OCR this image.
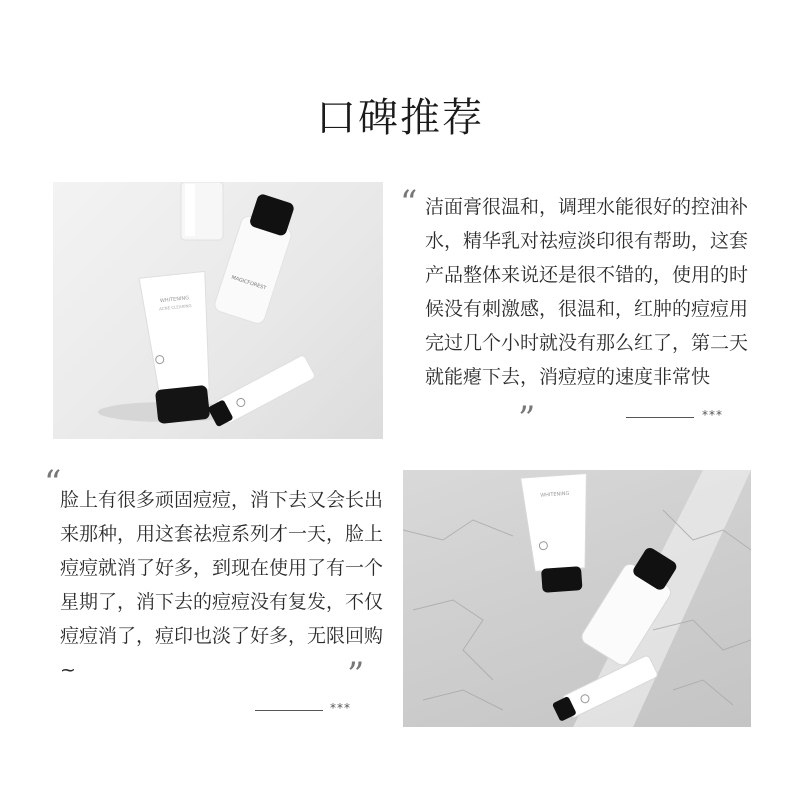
口碑推荐
MAGICFOREST
WHITENING
ACNE CLEARING
“ 洁面膏很温和，调理水能很好的控油补水，精华乳对祛痘淡印很有帮助，这套产品整体来说还是很不错的，使用的时候没有刺激感，很温和，红肿的痘痘用完过几个小时就没有那么红了，第二天就能瘪下去，消痘痘的速度非常快
”	***
“
脸上有很多顽固痘痘，消下去又会长出来那种，用这套祛痘系列才一天，脸上痘痘就消了好多，到现在使用了有一个星期了，消下去的痘痘没有复发，不仅痘痘消了，痘印也淡了好多，无限回购~	”
***
WHITENING
